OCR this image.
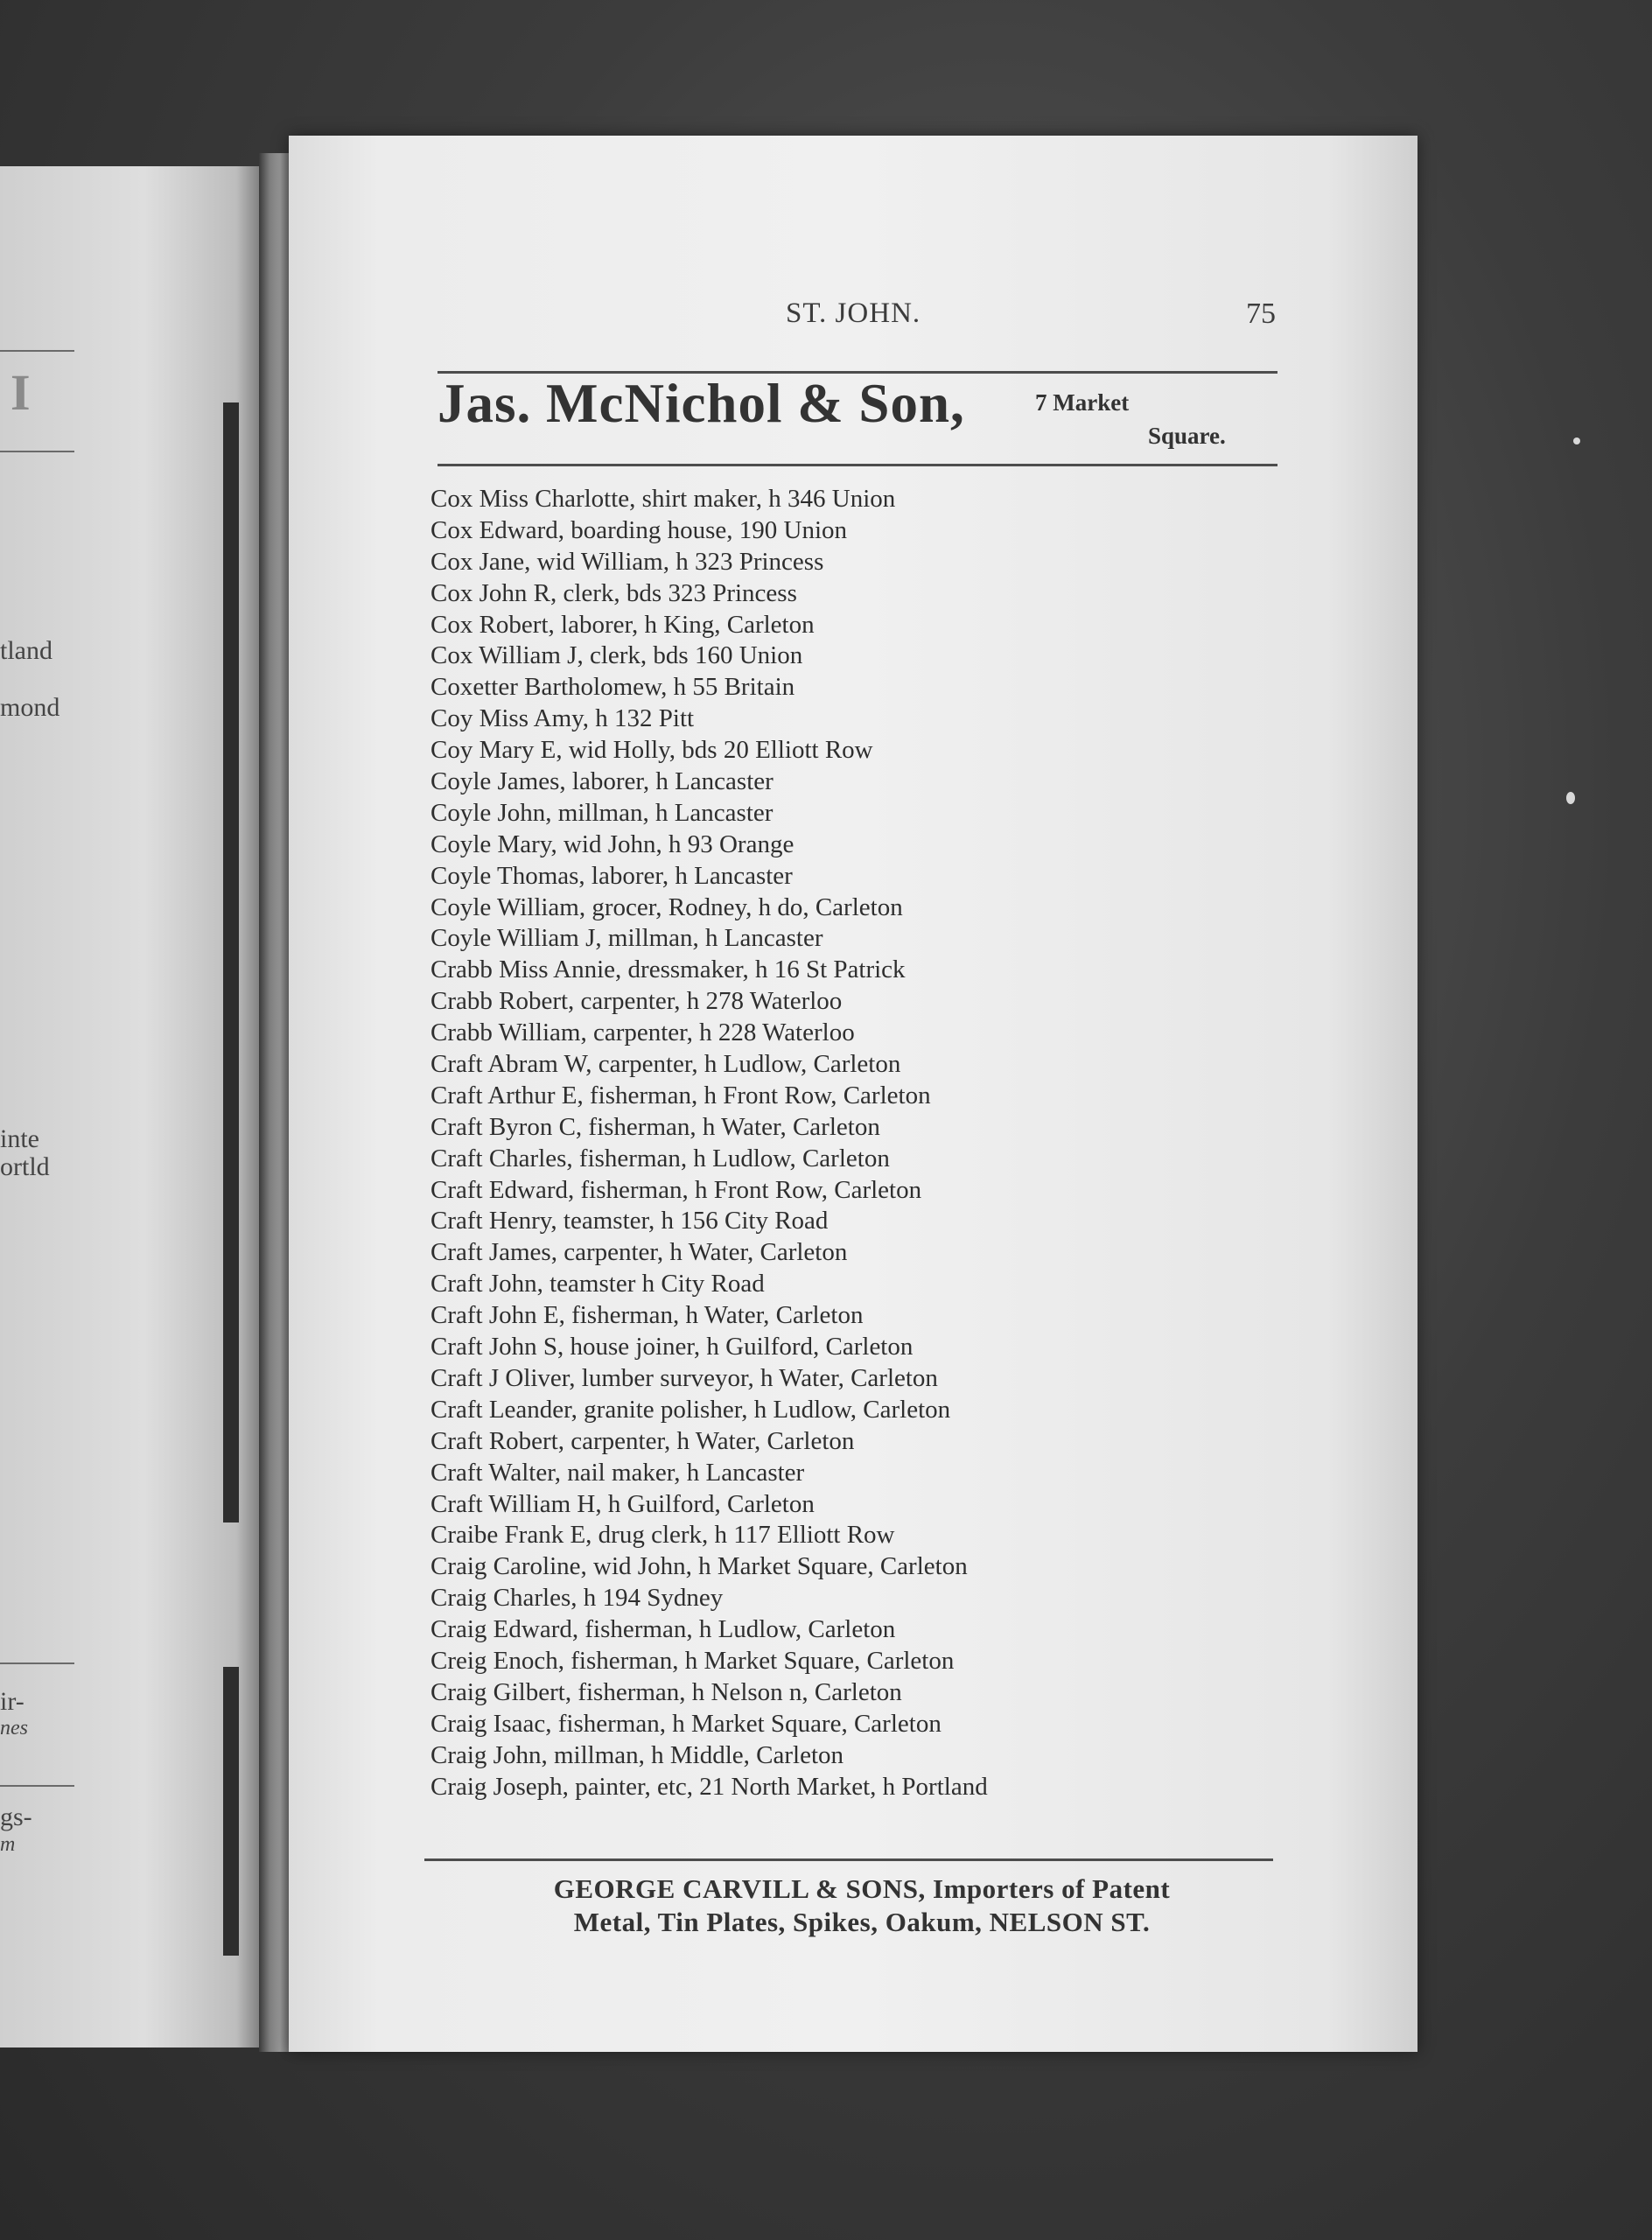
I
tland
mond
inte
ortld
ir-
nes
gs-
m
ST. JOHN.	75
Jas. McNichol & Son,	7 Market
Square.
Cox Miss Charlotte, shirt maker, h 346 Union
Cox Edward, boarding house, 190 Union
Cox Jane, wid William, h 323 Princess
Cox John R, clerk, bds 323 Princess
Cox Robert, laborer, h King, Carleton
Cox William J, clerk, bds 160 Union
Coxetter Bartholomew, h 55 Britain
Coy Miss Amy, h 132 Pitt
Coy Mary E, wid Holly, bds 20 Elliott Row
Coyle James, laborer, h Lancaster
Coyle John, millman, h Lancaster
Coyle Mary, wid John, h 93 Orange
Coyle Thomas, laborer, h Lancaster
Coyle William, grocer, Rodney, h do, Carleton
Coyle William J, millman, h Lancaster
Crabb Miss Annie, dressmaker, h 16 St Patrick
Crabb Robert, carpenter, h 278 Waterloo
Crabb William, carpenter, h 228 Waterloo
Craft Abram W, carpenter, h Ludlow, Carleton
Craft Arthur E, fisherman, h Front Row, Carleton
Craft Byron C, fisherman, h Water, Carleton
Craft Charles, fisherman, h Ludlow, Carleton
Craft Edward, fisherman, h Front Row, Carleton
Craft Henry, teamster, h 156 City Road
Craft James, carpenter, h Water, Carleton
Craft John, teamster h City Road
Craft John E, fisherman, h Water, Carleton
Craft John S, house joiner, h Guilford, Carleton
Craft J Oliver, lumber surveyor, h Water, Carleton
Craft Leander, granite polisher, h Ludlow, Carleton
Craft Robert, carpenter, h Water, Carleton
Craft Walter, nail maker, h Lancaster
Craft William H, h Guilford, Carleton
Craibe Frank E, drug clerk, h 117 Elliott Row
Craig Caroline, wid John, h Market Square, Carleton
Craig Charles, h 194 Sydney
Craig Edward, fisherman, h Ludlow, Carleton
Creig Enoch, fisherman, h Market Square, Carleton
Craig Gilbert, fisherman, h Nelson n, Carleton
Craig Isaac, fisherman, h Market Square, Carleton
Craig John, millman, h Middle, Carleton
Craig Joseph, painter, etc, 21 North Market, h Portland
GEORGE CARVILL & SONS, Importers of Patent
Metal, Tin Plates, Spikes, Oakum, NELSON ST.
